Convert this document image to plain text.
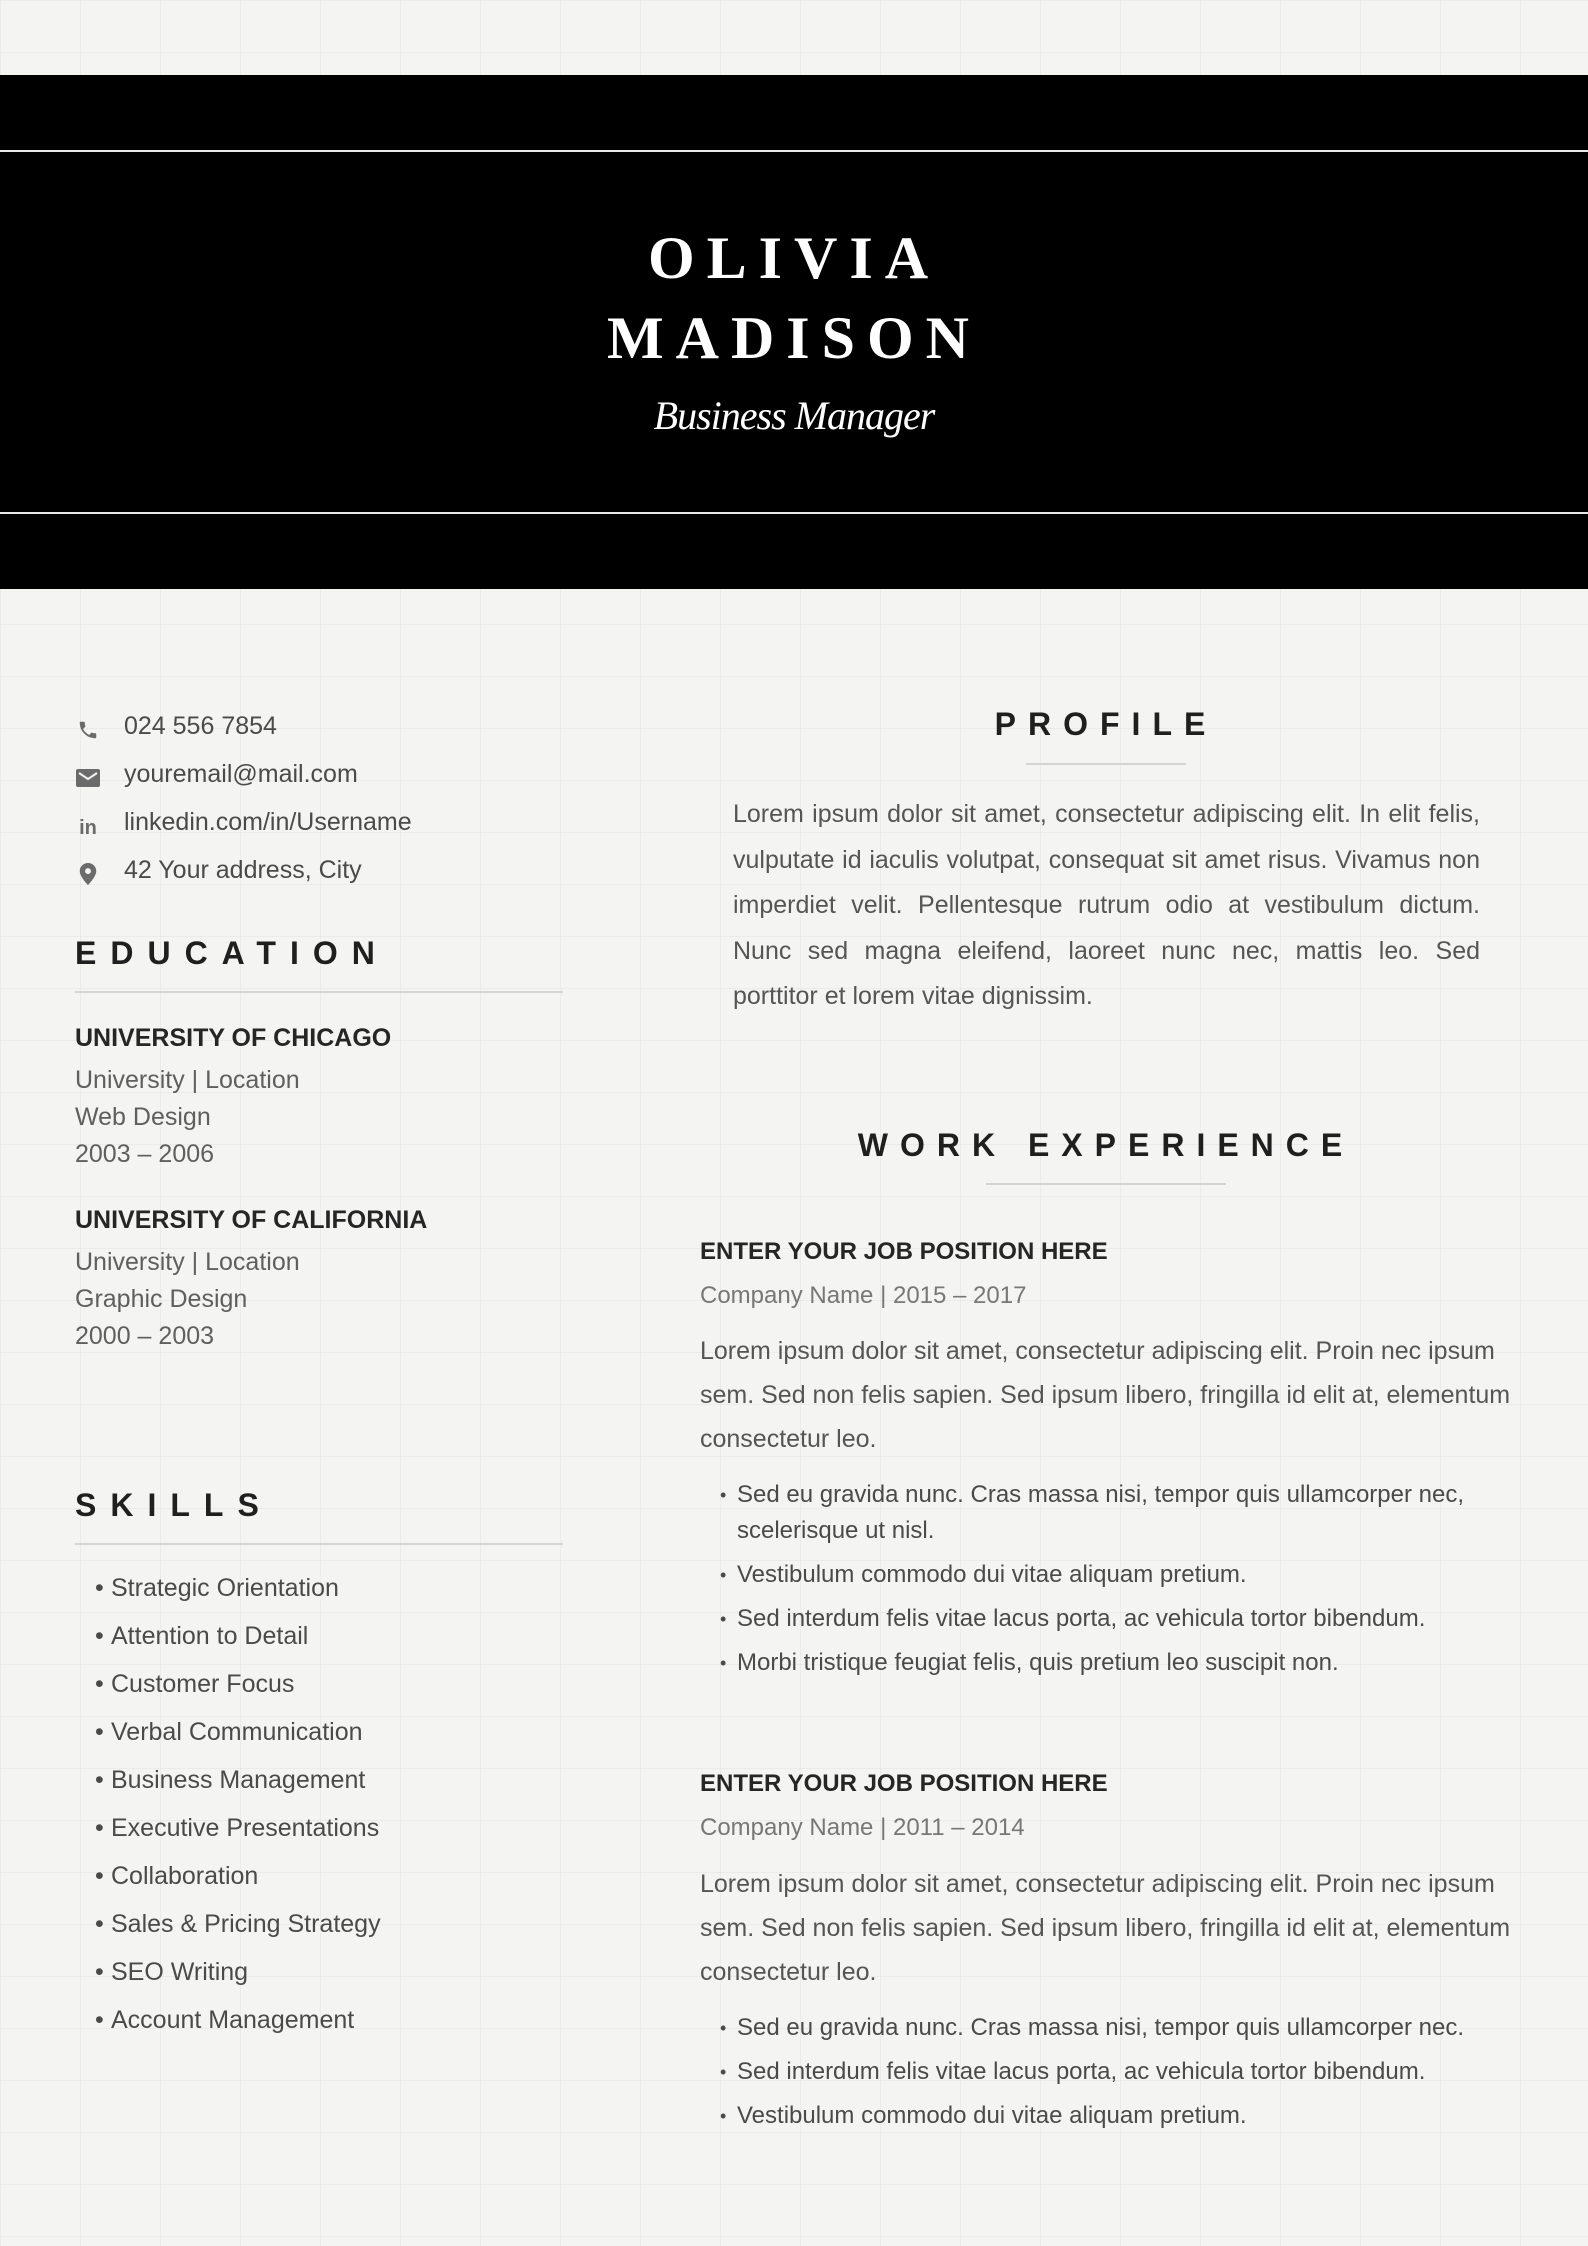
OLIVIA
MADISON
Business Manager
024 556 7854
youremail@mail.com
in linkedin.com/in/Username
42 Your address, City
EDUCATION
UNIVERSITY OF CHICAGO
University | Location
Web Design
2003 – 2006
UNIVERSITY OF CALIFORNIA
University | Location
Graphic Design
2000 – 2003
SKILLS
• Strategic Orientation
• Attention to Detail
• Customer Focus
• Verbal Communication
• Business Management
• Executive Presentations
• Collaboration
• Sales & Pricing Strategy
• SEO Writing
• Account Management
PROFILE
Lorem ipsum dolor sit amet, consectetur adipiscing elit. In elit felis, vulputate id iaculis volutpat, consequat sit amet risus. Vivamus non imperdiet velit. Pellentesque rutrum odio at vestibulum dictum. Nunc sed magna eleifend, laoreet nunc nec, mattis leo. Sed porttitor et lorem vitae dignissim.
WORK EXPERIENCE
ENTER YOUR JOB POSITION HERE
Company Name | 2015 – 2017
Lorem ipsum dolor sit amet, consectetur adipiscing elit. Proin nec ipsum sem. Sed non felis sapien. Sed ipsum libero, fringilla id elit at, elementum consectetur leo.
• Sed eu gravida nunc. Cras massa nisi, tempor quis ullamcorper nec, scelerisque ut nisl.
• Vestibulum commodo dui vitae aliquam pretium.
• Sed interdum felis vitae lacus porta, ac vehicula tortor bibendum.
• Morbi tristique feugiat felis, quis pretium leo suscipit non.
ENTER YOUR JOB POSITION HERE
Company Name | 2011 – 2014
Lorem ipsum dolor sit amet, consectetur adipiscing elit. Proin nec ipsum sem. Sed non felis sapien. Sed ipsum libero, fringilla id elit at, elementum consectetur leo.
• Sed eu gravida nunc. Cras massa nisi, tempor quis ullamcorper nec.
• Sed interdum felis vitae lacus porta, ac vehicula tortor bibendum.
• Vestibulum commodo dui vitae aliquam pretium.
